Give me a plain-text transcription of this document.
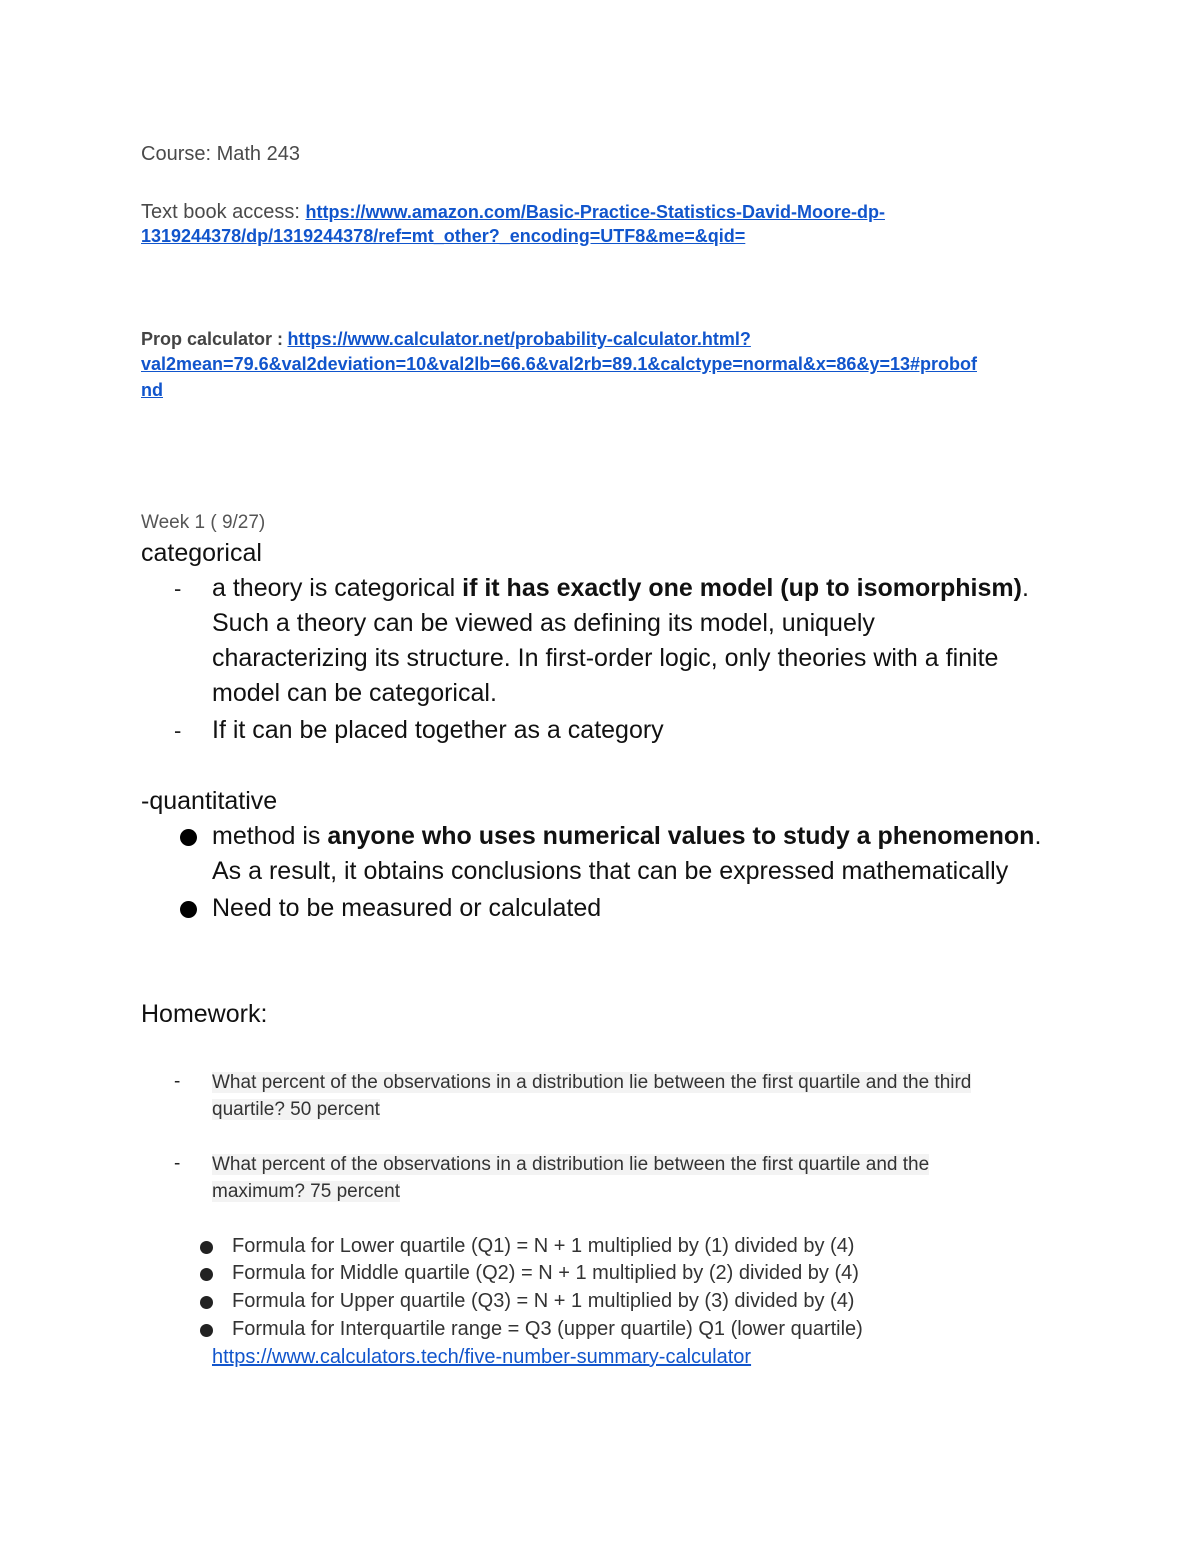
Course: Math 243
Text book access: https://www.amazon.com/Basic-Practice-Statistics-David-Moore-dp-
1319244378/dp/1319244378/ref=mt_other?_encoding=UTF8&me=&qid=
Prop calculator : https://www.calculator.net/probability-calculator.html?
val2mean=79.6&val2deviation=10&val2lb=66.6&val2rb=89.1&calctype=normal&x=86&y=13#probof
nd
Week 1 ( 9/27)
categorical
- a theory is categorical if it has exactly one model (up to isomorphism).
Such a theory can be viewed as defining its model, uniquely
characterizing its structure. In first-order logic, only theories with a finite
model can be categorical.
- If it can be placed together as a category
-quantitative
method is anyone who uses numerical values to study a phenomenon.
As a result, it obtains conclusions that can be expressed mathematically
Need to be measured or calculated
Homework:
- What percent of the observations in a distribution lie between the first quartile and the third
quartile? 50 percent
- What percent of the observations in a distribution lie between the first quartile and the
maximum? 75 percent
Formula for Lower quartile (Q1) = N + 1 multiplied by (1) divided by (4)
Formula for Middle quartile (Q2) = N + 1 multiplied by (2) divided by (4)
Formula for Upper quartile (Q3) = N + 1 multiplied by (3) divided by (4)
Formula for Interquartile range = Q3 (upper quartile) Q1 (lower quartile)
https://www.calculators.tech/five-number-summary-calculator
